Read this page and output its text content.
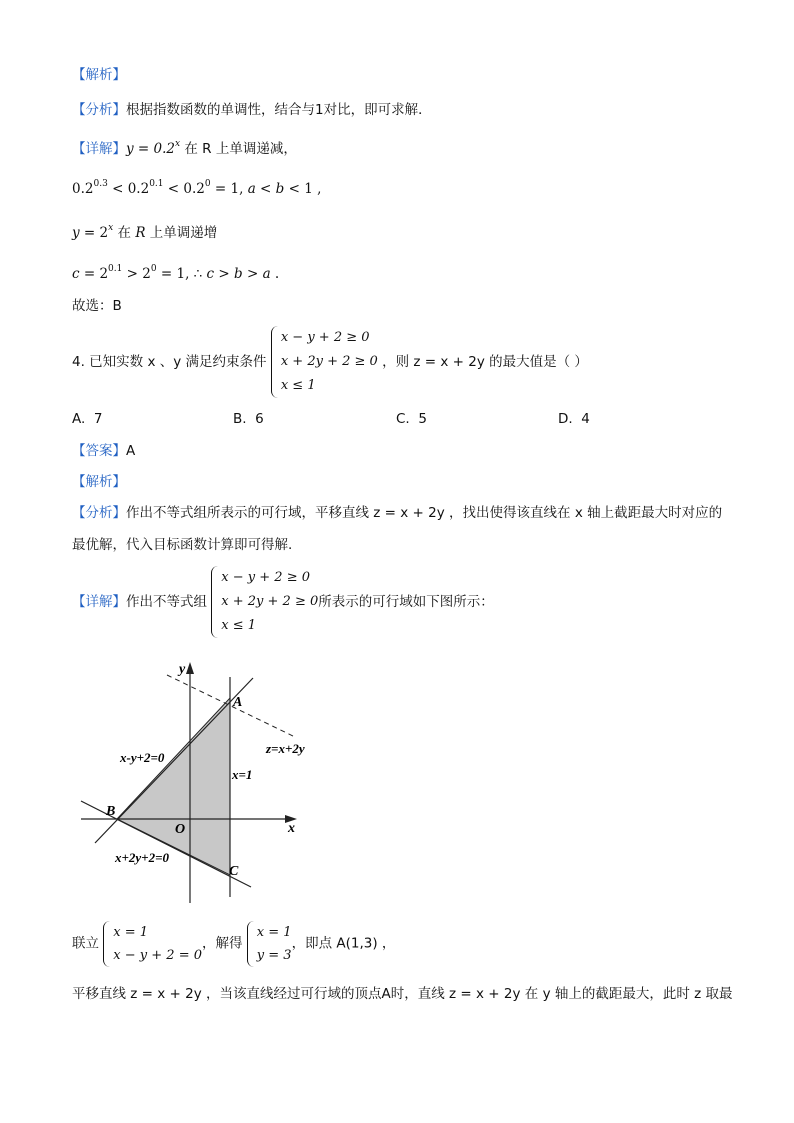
【解析】
【分析】根据指数函数的单调性，结合与1对比，即可求解．
【详解】$y = 0.2^x$ 在 R 上单调递减，
$0.2^{0.3} < 0.2^{0.1} < 0.2^0 = 1$, a < b < 1 ,
$y = 2^x$ 在 R 上单调递增
$c = 2^{0.1} > 2^0 = 1$, ∴ c > b > a .
故选：B
4. 已知实数 x 、y 满足约束条件
x − y + 2 ≥ 0
x + 2y + 2 ≥ 0
x ≤ 1
，则 z = x + 2y 的最大值是（ ）
A. 7	B. 6	C. 5	D. 4
【答案】A
【解析】
【分析】作出不等式组所表示的可行域，平移直线 z = x + 2y ，找出使得该直线在 x 轴上截距最大时对应的
最优解，代入目标函数计算即可得解.
【详解】作出不等式组
x − y + 2 ≥ 0
x + 2y + 2 ≥ 0
x ≤ 1
所表示的可行域如下图所示：
y
x
O
A
B
C
x-y+2=0
x+2y+2=0
x=1
z=x+2y
联立
x = 1
x − y + 2 = 0
，解得
x = 1
y = 3
，即点 A(1,3) ，
平移直线 z = x + 2y ，当该直线经过可行域的顶点A时，直线 z = x + 2y 在 y 轴上的截距最大，此时 z 取最
